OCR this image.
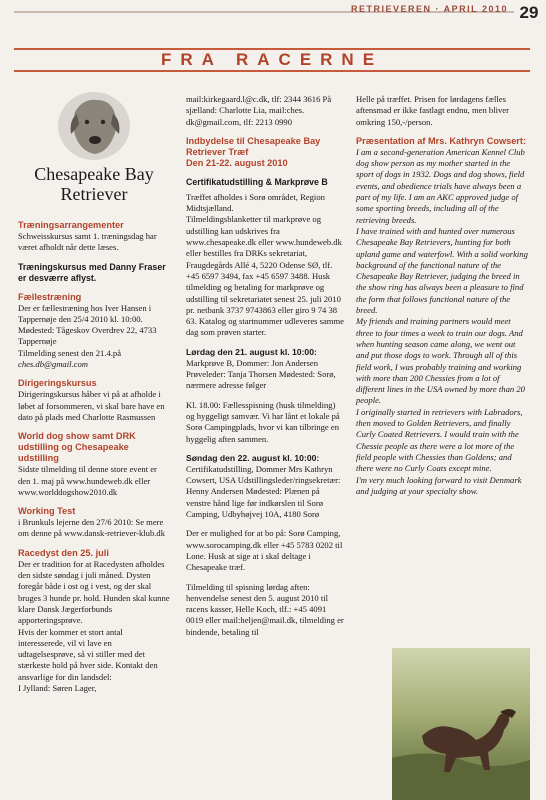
RETRIEVEREN · APRIL 2010 29
FRA RACERNE
Chesapeake Bay
Retriever
Træningsarrangementer

Schweisskursus samt 1. træningsdag har været afholdt når dette læses.

Træningskursus med Danny Fraser er desværre aflyst.
Fællestræning

Der er fællestræning hos Iver Hansen i Tappernøje den 25/4 2010 kl. 10:00.

Mødested: Tågeskov Overdrev 22, 4733 Tappernøje

Tilmelding senest den 21.4.på

ches.db@gmail.com

Dirigeringskursus

Dirigeringskursus håber vi på at afholde i løbet af forsommeren, vi skal bare have en dato på plads med Charlotte Rasmussen

World dog show samt DRK udstilling og Chesapeake udstilling

Sidste tilmelding til denne store event er den 1. maj på www.hundeweb.dk eller www.worlddogshow2010.dk

Working Test

i Brunkuls lejerne den 27/6 2010: Se mere om denne på www.dansk-retriever-klub.dk

Racedyst den 25. juli

Der er tradition for at Racedysten afholdes den sidste søndag i juli måned. Dysten foregår både i ost og i vest, og der skal bruges 3 hunde pr. hold. Hunden skal kunne klare Dansk Jægerforbunds apporteringsprøve.

Hvis der kommer et stort antal interesserede, vil vi lave en udtagelsesprøve, så vi stiller med det stærkeste hold på hver side. Kontakt den ansvarlige for din landsdel:

I Jylland: Søren Lager,

mail:kirkegaard.l@c.dk, tlf: 2344 3616 På sjælland: Charlotte Lia, mail:ches. dk@gmail.com, tlf: 2213 0990

Indbydelse til Chesapeake Bay Retriever Træf
Den 21-22. august 2010
Certifikatudstilling & Markprøve B

Træffet afholdes i Sorø området, Region Midtsjælland.

Tilmeldingsblanketter til markprøve og udstilling kan udskrives fra www.chesapeake.dk eller www.hundeweb.dk eller bestilles fra DRKs sekretariat, Fraugdegårds Allé 4, 5220 Odense SØ, tlf. +45 6597 3494, fax +45 6597 3488. Husk tilmelding og betaling for markprøve og udstilling til sekretariatet senest 25. juli 2010 pr. netbank 3737 9743863 eller giro 9 74 38 63. Katalog og startnummer udleveres samme dag som prøven starter.

Lørdag den 21. august kl. 10:00:

Markprøve B, Dommer: Jon Andersen Prøveleder: Tanja Thorsen Mødested: Sorø, nærmere adresse følger

Kl. 18.00: Fællesspisning (husk tilmelding) og hyggeligt samvær. Vi har lånt et lokale på Sorø Campingplads, hvor vi kan tilbringe en hyggelig aften sammen.

Søndag den 22. august kl. 10:00:

Certifikatudstilling, Dommer Mrs Kathryn Cowsert, USA Udstillingsleder/ringsekretær: Henny Andersen Mødested: Plænen på venstre hånd lige før indkørslen til Sorø Camping, Udbyhøjvej 10A, 4180 Sorø

Der er mulighed for at bo på: Sorø Camping, www.sorocamping.dk eller +45 5783 0202 til Lone. Husk at sige at i skal deltage i Chesapeake træf.

Tilmelding til spisning lørdag aften: henvendelse senest den 5. august 2010 til racens kasser, Helle Koch, tlf.: +45 4091 0019 eller mail:heljen@mail.dk, tilmelding er bindende, betaling til

Helle på træffet. Prisen for lørdagens fælles aftensmad er ikke fastlagt endnu, men bliver omkring 150,-/person.

Præsentation af Mrs. Kathryn Cowsert:

I am a second-generation American Kennel Club dog show person as my mother started in the sport of dogs in 1932. Dogs and dog shows, field events, and obedience trials have always been a part of my life. I am an AKC approved judge of some sporting breeds, including all of the retrieving breeds.

I have trained with and hunted over numerous Chesapeake Bay Retrievers, hunting for both upland game and waterfowl. With a solid working background of the functional nature of the Chesapeake Bay Retriever, judging the breed in the show ring has always been a pleasure to find the form that follows functional nature of the breed.

My friends and training partners would meet three to four times a week to train our dogs. And when hunting season came along, we went out and put those dogs to work. Through all of this field work, I was probably training and working with more than 200 Chessies from a lot of different lines in the USA owned by more than 20 people.

I originally started in retrievers with Labradors, then moved to Golden Retrievers, and finally Curly Coated Retrievers. I would train with the Chessie people as there were a lot more of the field people with Chessies than Goldens; and there were no Curly Coats except mine.

I'm very much looking forward to visit Denmark and judging at your specialty show.
